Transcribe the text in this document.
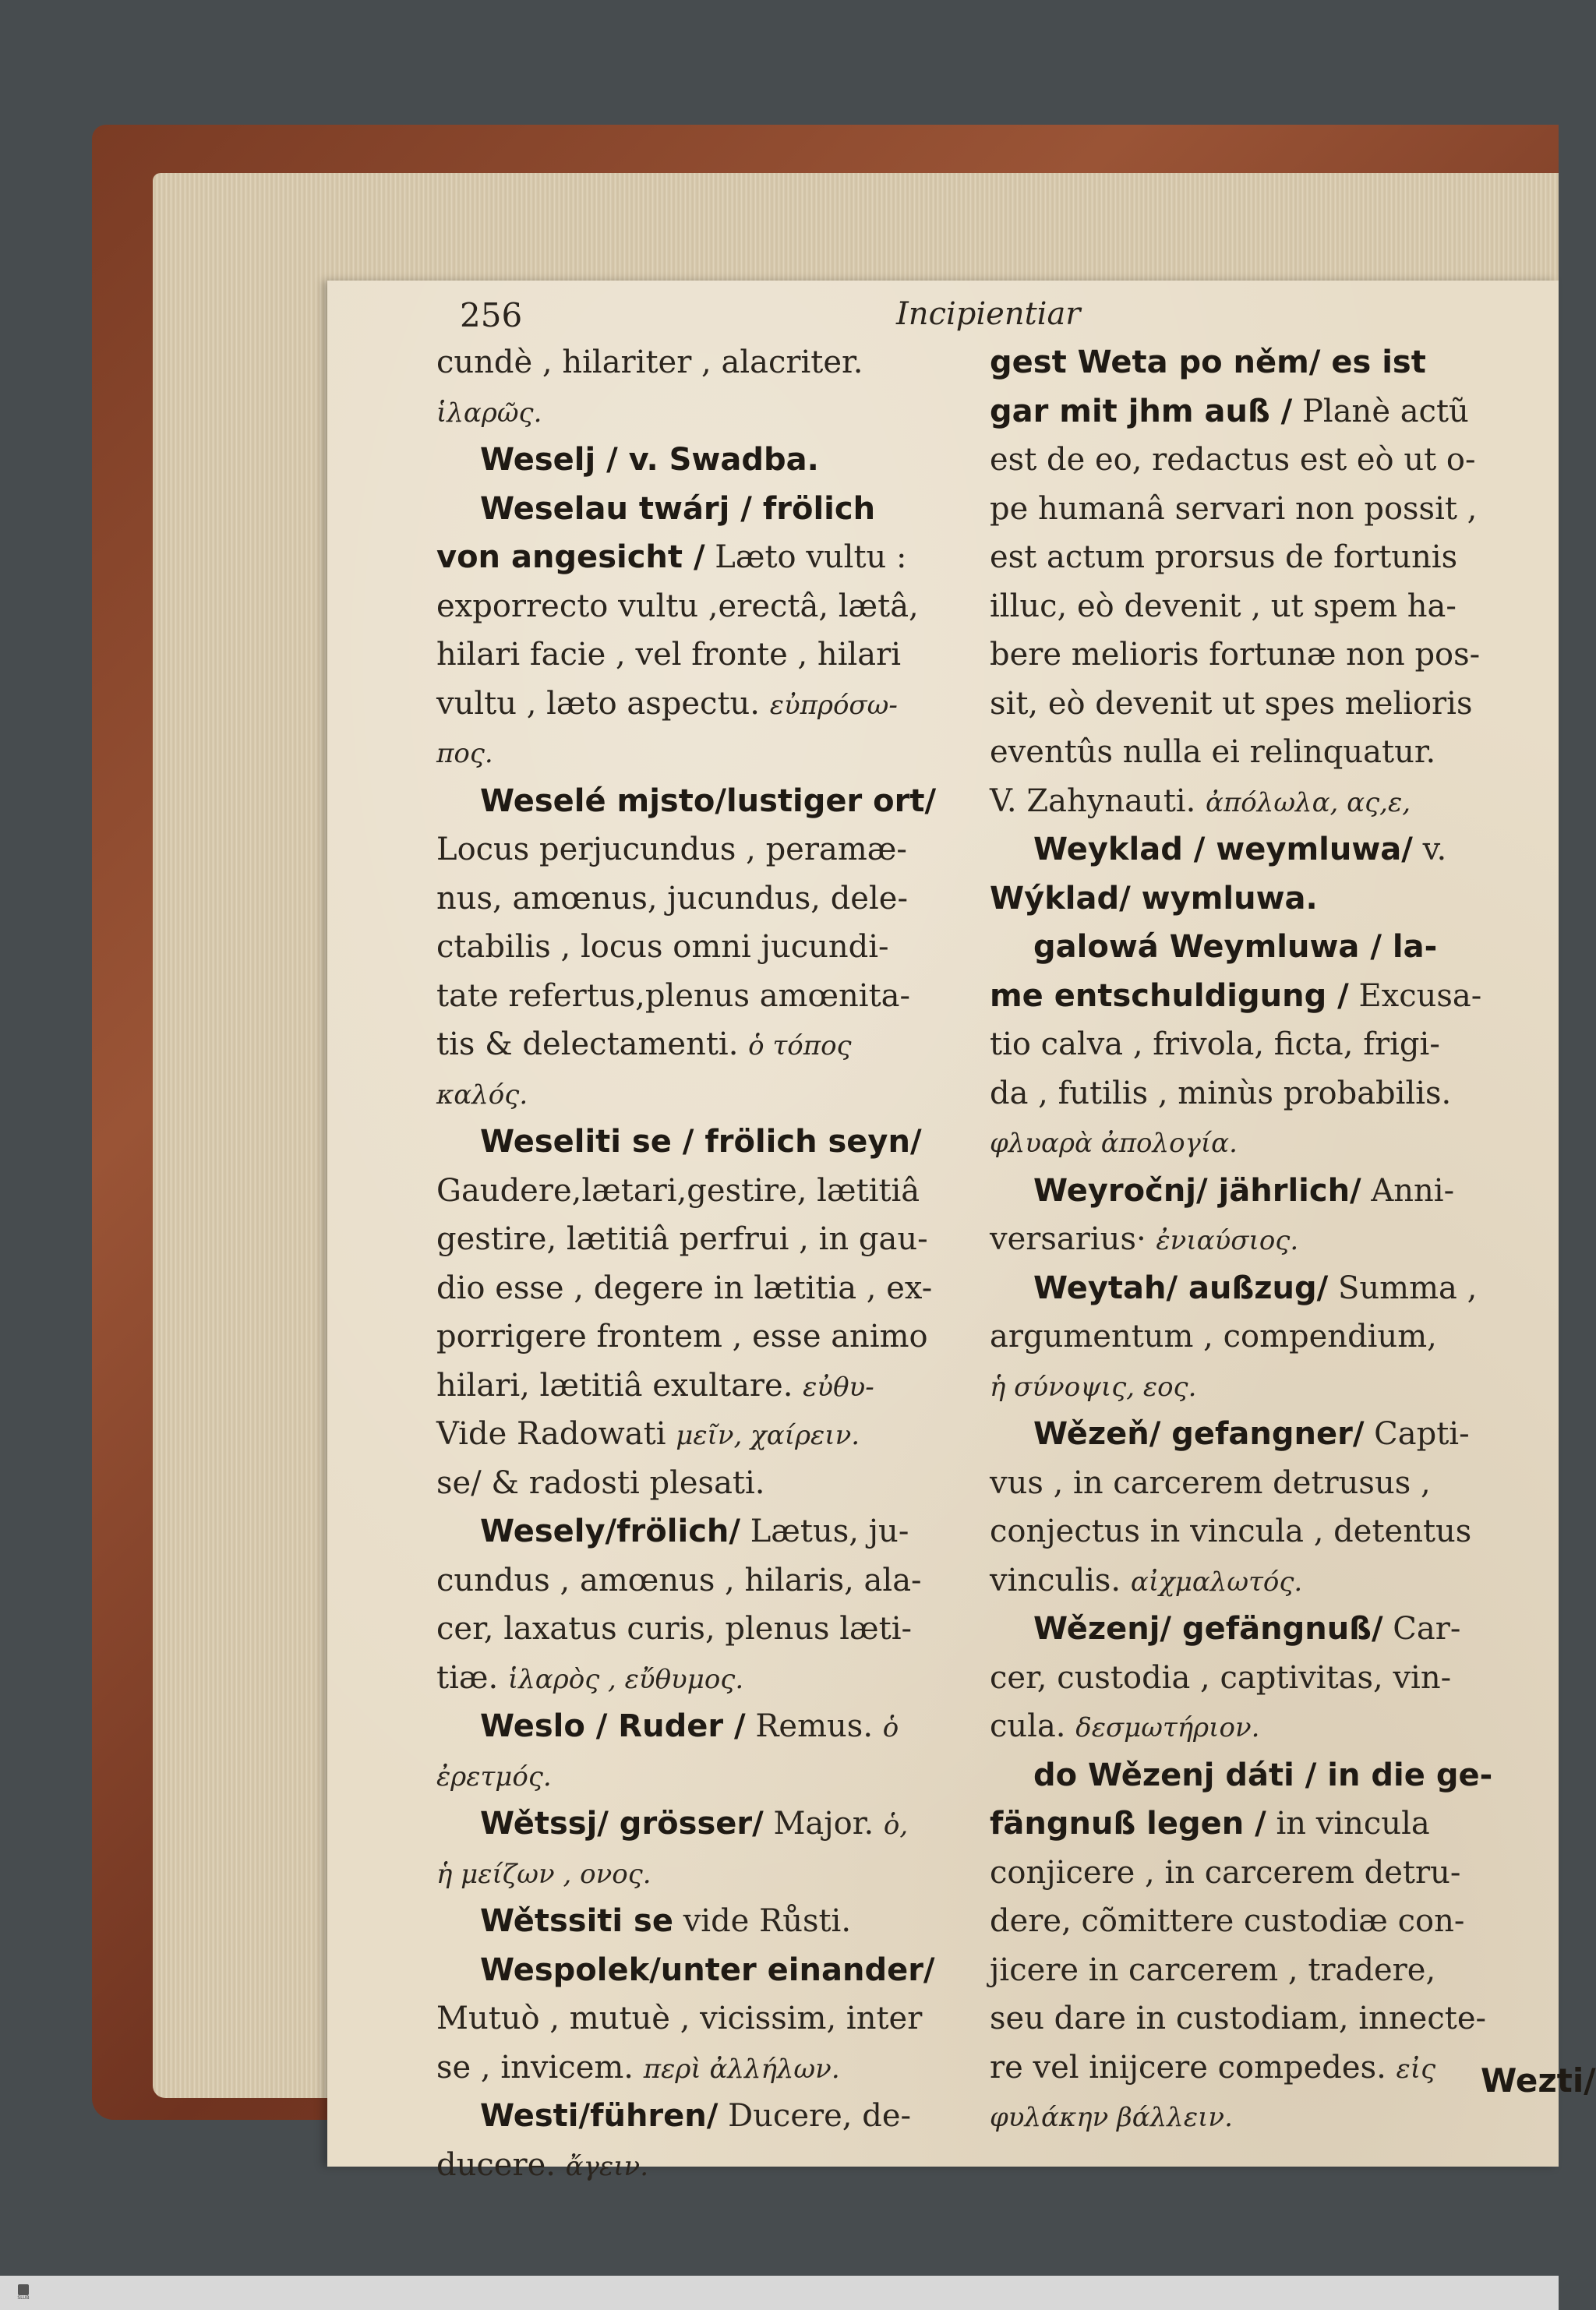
256	Incipientiar
cundè , hilariter , alacriter.
ἱλαρῶς.
Weselj / v. Swadba.
Weselau twárj / frölich
von angesicht / Læto vultu :
exporrecto vultu ,erectâ, lætâ,
hilari facie , vel fronte , hilari
vultu , læto aspectu. εὐπρόσω-
πος.
Weselé mjsto/lustiger ort/
Locus perjucundus , peramæ-
nus, amœnus, jucundus, dele-
ctabilis , locus omni jucundi-
tate refertus,plenus amœnita-
tis & delectamenti. ὁ τόπος
καλός.
Weseliti se / frölich seyn/
Gaudere,lætari,gestire, lætitiâ
gestire, lætitiâ perfrui , in gau-
dio esse , degere in lætitia , ex-
porrigere frontem , esse animo
hilari, lætitiâ exultare. εὐθυ-
Vide Radowati μεῖν, χαίρειν.
se/ & radosti plesati.
Wesely/frölich/ Lætus, ju-
cundus , amœnus , hilaris, ala-
cer, laxatus curis, plenus læti-
tiæ. ἱλαρὸς , εὔθυμος.
Weslo / Ruder / Remus. ὁ
ἐρετμός.
Wětssj/ grösser/ Major. ὁ,
ἡ μείζων , ονος.
Wětssiti se vide Růsti.
Wespolek/unter einander/
Mutuò , mutuè , vicissim, inter
se , invicem. περὶ ἀλλήλων.
Westi/führen/ Ducere, de-
ducere. ἄγειν.
gest Weta po něm/ es ist
gar mit jhm auß / Planè actũ
est de eo, redactus est eò ut o-
pe humanâ servari non possit ,
est actum prorsus de fortunis
illuc, eò devenit , ut spem ha-
bere melioris fortunæ non pos-
sit, eò devenit ut spes melioris
eventûs nulla ei relinquatur.
V. Zahynauti. ἀπόλωλα, ας,ε,
Weyklad / weymluwa/ v.
Wýklad/ wymluwa.
galowá Weymluwa / la-
me entschuldigung / Excusa-
tio calva , frivola, ficta, frigi-
da , futilis , minùs probabilis.
φλυαρὰ ἀπολογία.
Weyročnj/ jährlich/ Anni-
versarius· ἐνιαύσιος.
Weytah/ außzug/ Summa ,
argumentum , compendium,
ἡ σύνοψις, εος.
Wězeň/ gefangner/ Capti-
vus , in carcerem detrusus ,
conjectus in vincula , detentus
vinculis. αἰχμαλωτός.
Wězenj/ gefängnuß/ Car-
cer, custodia , captivitas, vin-
cula. δεσμωτήριον.
do Wězenj dáti / in die ge-
fängnuß legen / in vincula
conjicere , in carcerem detru-
dere, cõmittere custodiæ con-
jicere in carcerem , tradere,
seu dare in custodiam, innecte-
re vel inijcere compedes. εἰς
φυλάκην βάλλειν.
Wezti/
SLUB
